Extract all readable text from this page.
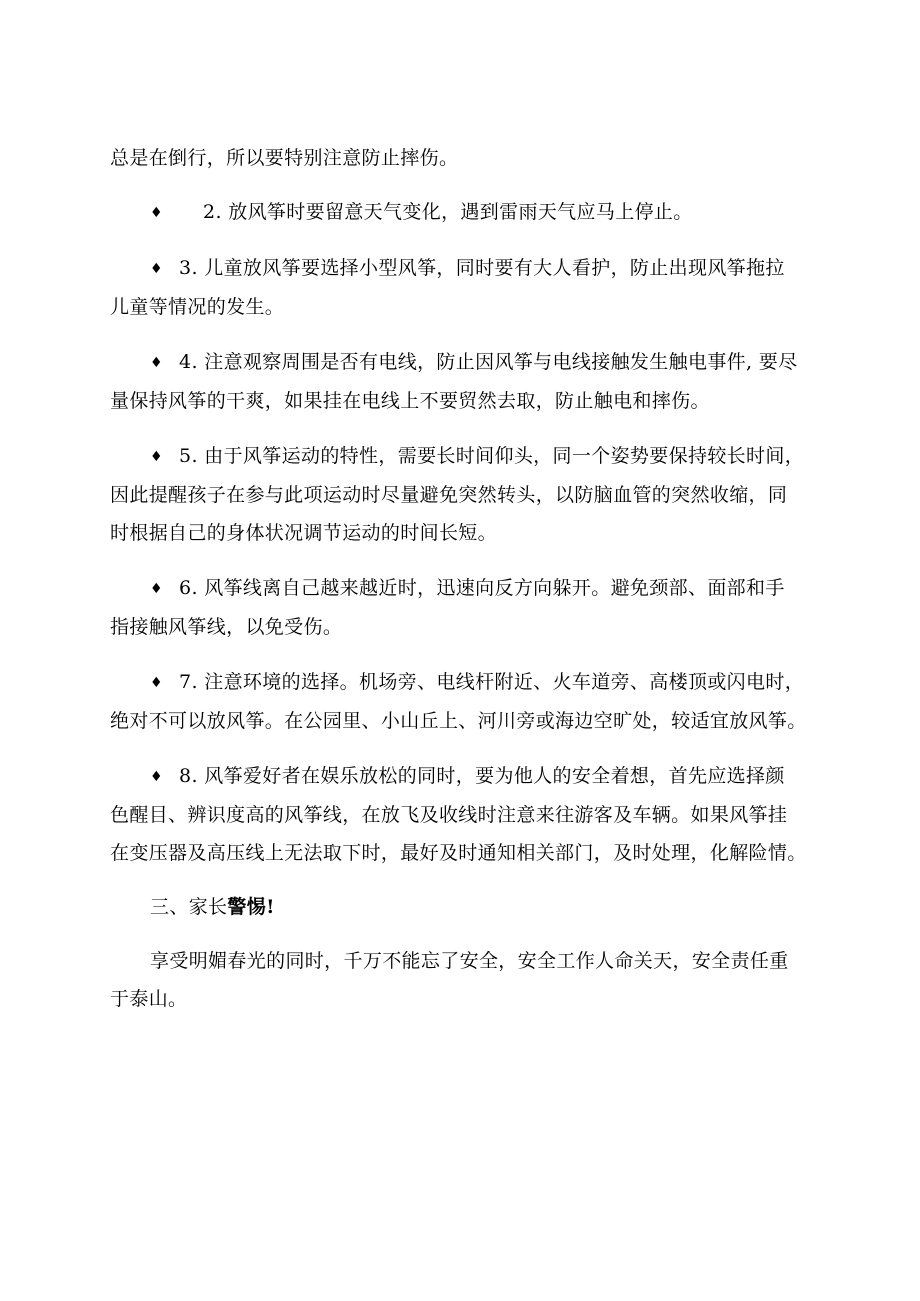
总是在倒行，所以要特别注意防止摔伤。

♦ 2. 放风筝时要留意天气变化，遇到雷雨天气应马上停止。

♦ 3. 儿童放风筝要选择小型风筝，同时要有大人看护，防止出现风筝拖拉
儿童等情况的发生。

♦ 4. 注意观察周围是否有电线，防止因风筝与电线接触发生触电事件, 要尽
量保持风筝的干爽，如果挂在电线上不要贸然去取，防止触电和摔伤。

♦ 5. 由于风筝运动的特性，需要长时间仰头，同一个姿势要保持较长时间，
因此提醒孩子在参与此项运动时尽量避免突然转头，以防脑血管的突然收缩，同
时根据自己的身体状况调节运动的时间长短。

♦ 6. 风筝线离自己越来越近时，迅速向反方向躲开。避免颈部、面部和手
指接触风筝线，以免受伤。

♦ 7. 注意环境的选择。机场旁、电线杆附近、火车道旁、高楼顶或闪电时，
绝对不可以放风筝。在公园里、小山丘上、河川旁或海边空旷处，较适宜放风筝。

♦ 8. 风筝爱好者在娱乐放松的同时，要为他人的安全着想，首先应选择颜
色醒目、辨识度高的风筝线，在放飞及收线时注意来往游客及车辆。如果风筝挂
在变压器及高压线上无法取下时，最好及时通知相关部门，及时处理，化解险情。

三、家长警惕!

享受明媚春光的同时，千万不能忘了安全，安全工作人命关天，安全责任重
于泰山。
